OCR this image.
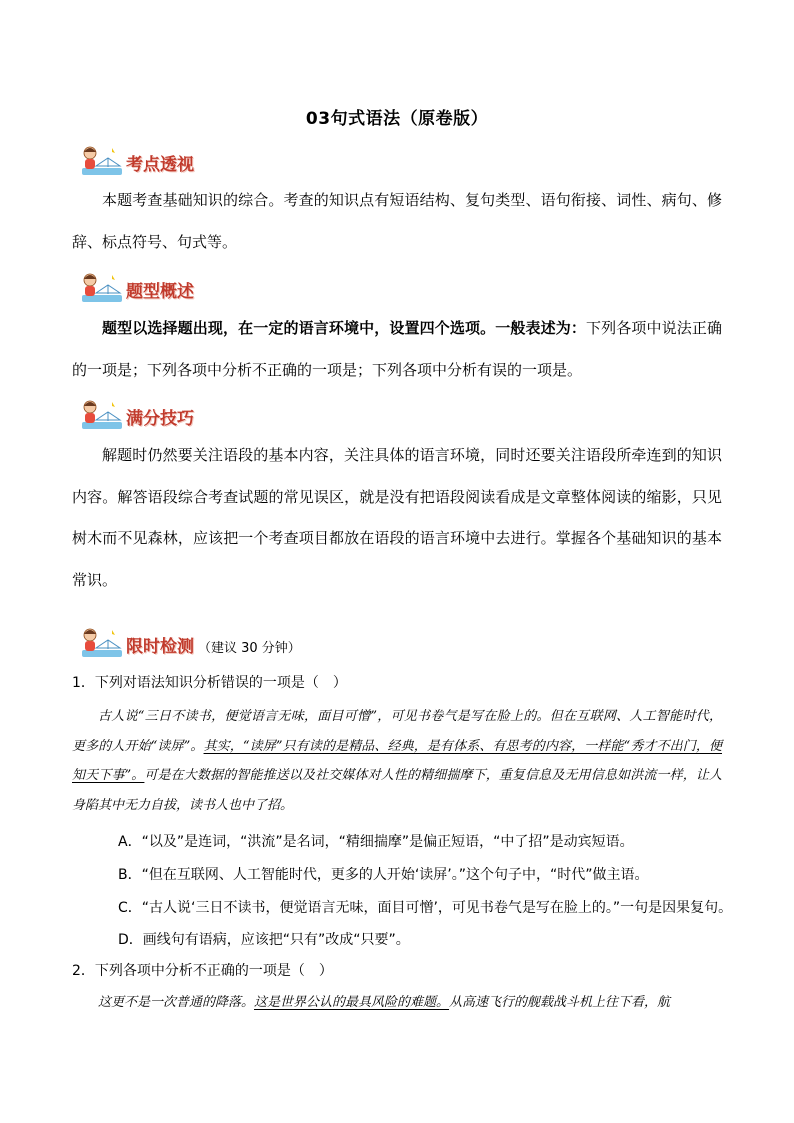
03句式语法（原卷版）
考点透视
本题考查基础知识的综合。考查的知识点有短语结构、复句类型、语句衔接、词性、病句、修辞、标点符号、句式等。
题型概述
题型以选择题出现，在一定的语言环境中，设置四个选项。一般表述为：下列各项中说法正确的一项是；下列各项中分析不正确的一项是；下列各项中分析有误的一项是。
满分技巧
解题时仍然要关注语段的基本内容，关注具体的语言环境，同时还要关注语段所牵连到的知识内容。解答语段综合考查试题的常见误区，就是没有把语段阅读看成是文章整体阅读的缩影，只见树木而不见森林，应该把一个考查项目都放在语段的语言环境中去进行。掌握各个基础知识的基本常识。
限时检测 （建议 30 分钟）
1．下列对语法知识分析错误的一项是（　）
古人说“三日不读书，便觉语言无味，面目可憎”，可见书卷气是写在脸上的。但在互联网、人工智能时代，更多的人开始“读屏”。其实，“读屏”只有读的是精品、经典，是有体系、有思考的内容，一样能“秀才不出门，便知天下事”。可是在大数据的智能推送以及社交媒体对人性的精细揣摩下，重复信息及无用信息如洪流一样，让人身陷其中无力自拔，读书人也中了招。
A．“以及”是连词，“洪流”是名词，“精细揣摩”是偏正短语，“中了招”是动宾短语。
B．“但在互联网、人工智能时代，更多的人开始‘读屏’。”这个句子中，“时代”做主语。
C．“古人说‘三日不读书，便觉语言无味，面目可憎’，可见书卷气是写在脸上的。”一句是因果复句。
D．画线句有语病，应该把“只有”改成“只要”。
2．下列各项中分析不正确的一项是（　）
这更不是一次普通的降落。这是世界公认的最具风险的难题。从高速飞行的舰载战斗机上往下看，航
